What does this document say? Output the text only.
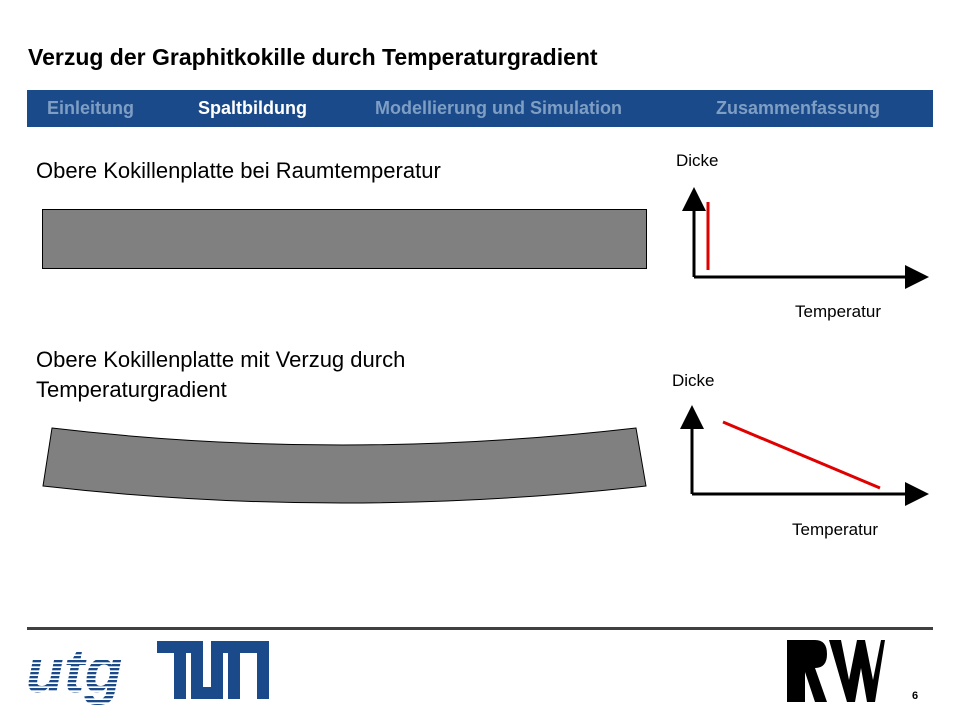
Verzug der Graphitkokille durch Temperaturgradient
Einleitung	Spaltbildung	Modellierung und Simulation	Zusammenfassung
Obere Kokillenplatte bei Raumtemperatur	Dicke
Temperatur
Obere Kokillenplatte mit Verzug durch
Temperaturgradient	Dicke
Temperatur
utg	6
